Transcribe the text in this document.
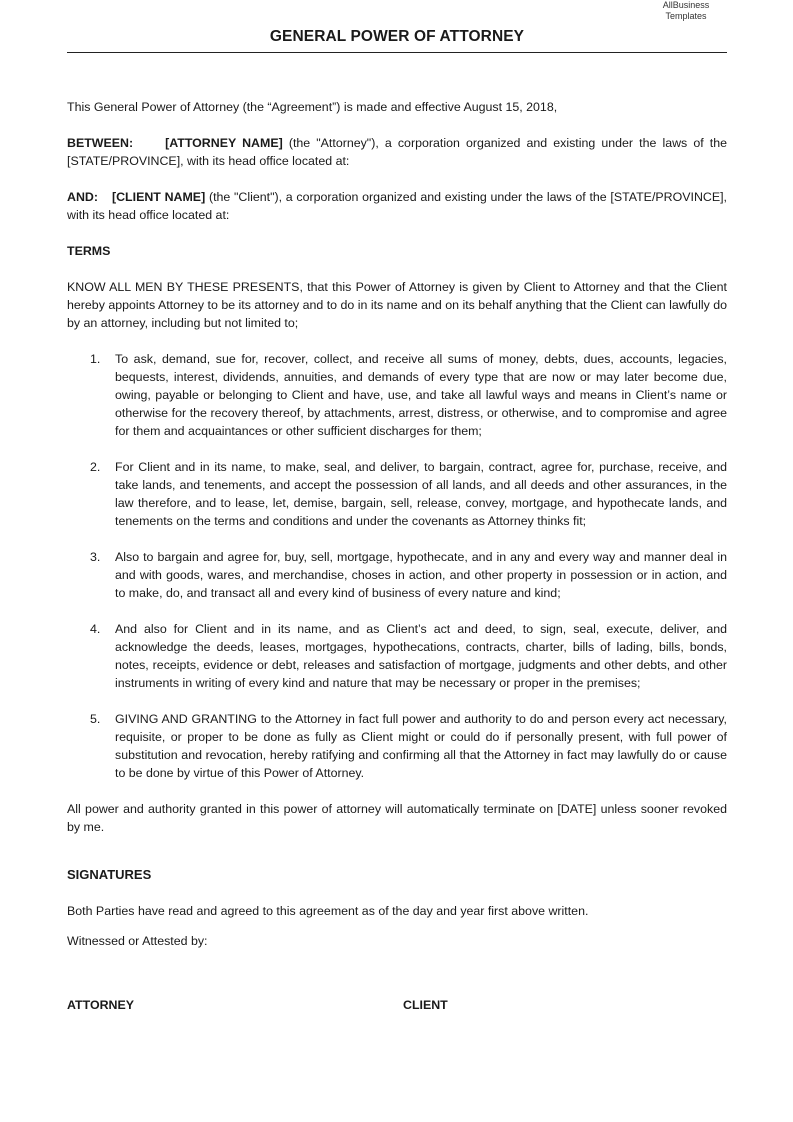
AllBusiness
Templates
GENERAL POWER OF ATTORNEY

This General Power of Attorney (the “Agreement”) is made and effective August 15, 2018,

BETWEEN:	[ATTORNEY NAME] (the "Attorney"), a corporation organized and existing under the laws of the [STATE/PROVINCE], with its head office located at:

AND: [CLIENT NAME] (the "Client"), a corporation organized and existing under the laws of the [STATE/PROVINCE], with its head office located at:

TERMS

KNOW ALL MEN BY THESE PRESENTS, that this Power of Attorney is given by Client to Attorney and that the Client hereby appoints Attorney to be its attorney and to do in its name and on its behalf anything that the Client can lawfully do by an attorney, including but not limited to;

1. To ask, demand, sue for, recover, collect, and receive all sums of money, debts, dues, accounts, legacies, bequests, interest, dividends, annuities, and demands of every type that are now or may later become due, owing, payable or belonging to Client and have, use, and take all lawful ways and means in Client’s name or otherwise for the recovery thereof, by attachments, arrest, distress, or otherwise, and to compromise and agree for them and acquaintances or other sufficient discharges for them;
2. For Client and in its name, to make, seal, and deliver, to bargain, contract, agree for, purchase, receive, and take lands, and tenements, and accept the possession of all lands, and all deeds and other assurances, in the law therefore, and to lease, let, demise, bargain, sell, release, convey, mortgage, and hypothecate lands, and tenements on the terms and conditions and under the covenants as Attorney thinks fit;
3. Also to bargain and agree for, buy, sell, mortgage, hypothecate, and in any and every way and manner deal in and with goods, wares, and merchandise, choses in action, and other property in possession or in action, and to make, do, and transact all and every kind of business of every nature and kind;
4. And also for Client and in its name, and as Client’s act and deed, to sign, seal, execute, deliver, and acknowledge the deeds, leases, mortgages, hypothecations, contracts, charter, bills of lading, bills, bonds, notes, receipts, evidence or debt, releases and satisfaction of mortgage, judgments and other debts, and other instruments in writing of every kind and nature that may be necessary or proper in the premises;
5. GIVING AND GRANTING to the Attorney in fact full power and authority to do and person every act necessary, requisite, or proper to be done as fully as Client might or could do if personally present, with full power of substitution and revocation, hereby ratifying and confirming all that the Attorney in fact may lawfully do or cause to be done by virtue of this Power of Attorney.

All power and authority granted in this power of attorney will automatically terminate on [DATE] unless sooner revoked by me.

SIGNATURES

Both Parties have read and agreed to this agreement as of the day and year first above written.

Witnessed or Attested by:

ATTORNEY	CLIENT
